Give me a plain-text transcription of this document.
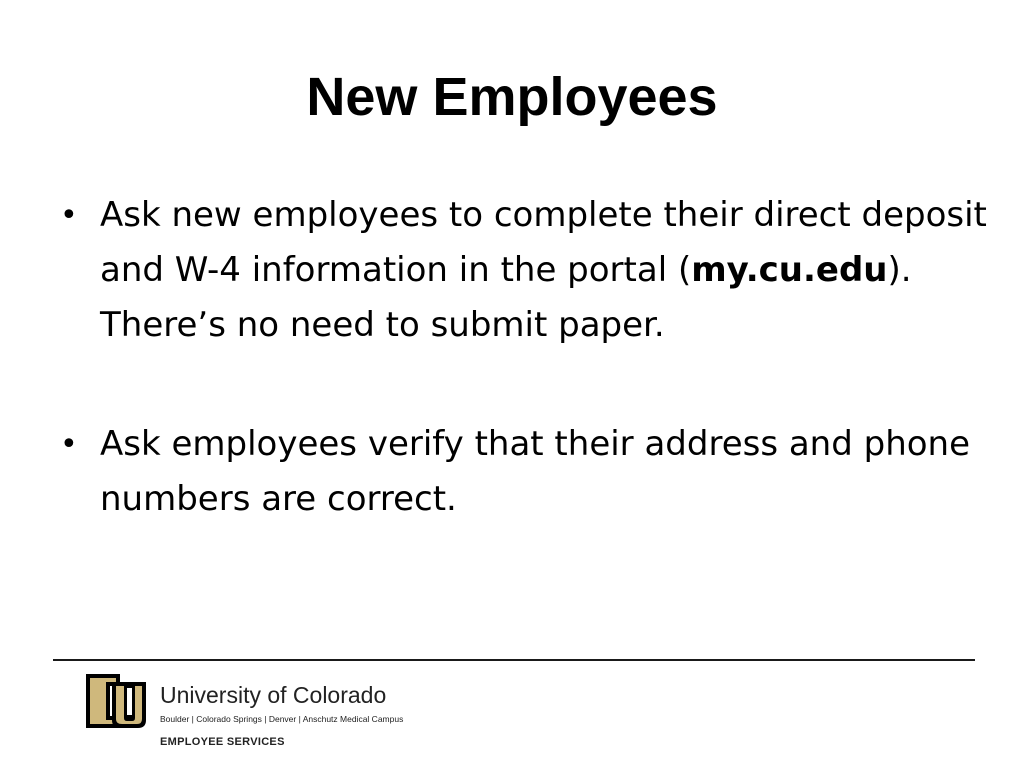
New Employees
• Ask new employees to complete their direct deposit and W-4 information in the portal (my.cu.edu). There’s no need to submit paper.
• Ask employees verify that their address and phone numbers are correct.
University of Colorado
Boulder | Colorado Springs | Denver | Anschutz Medical Campus
EMPLOYEE SERVICES
